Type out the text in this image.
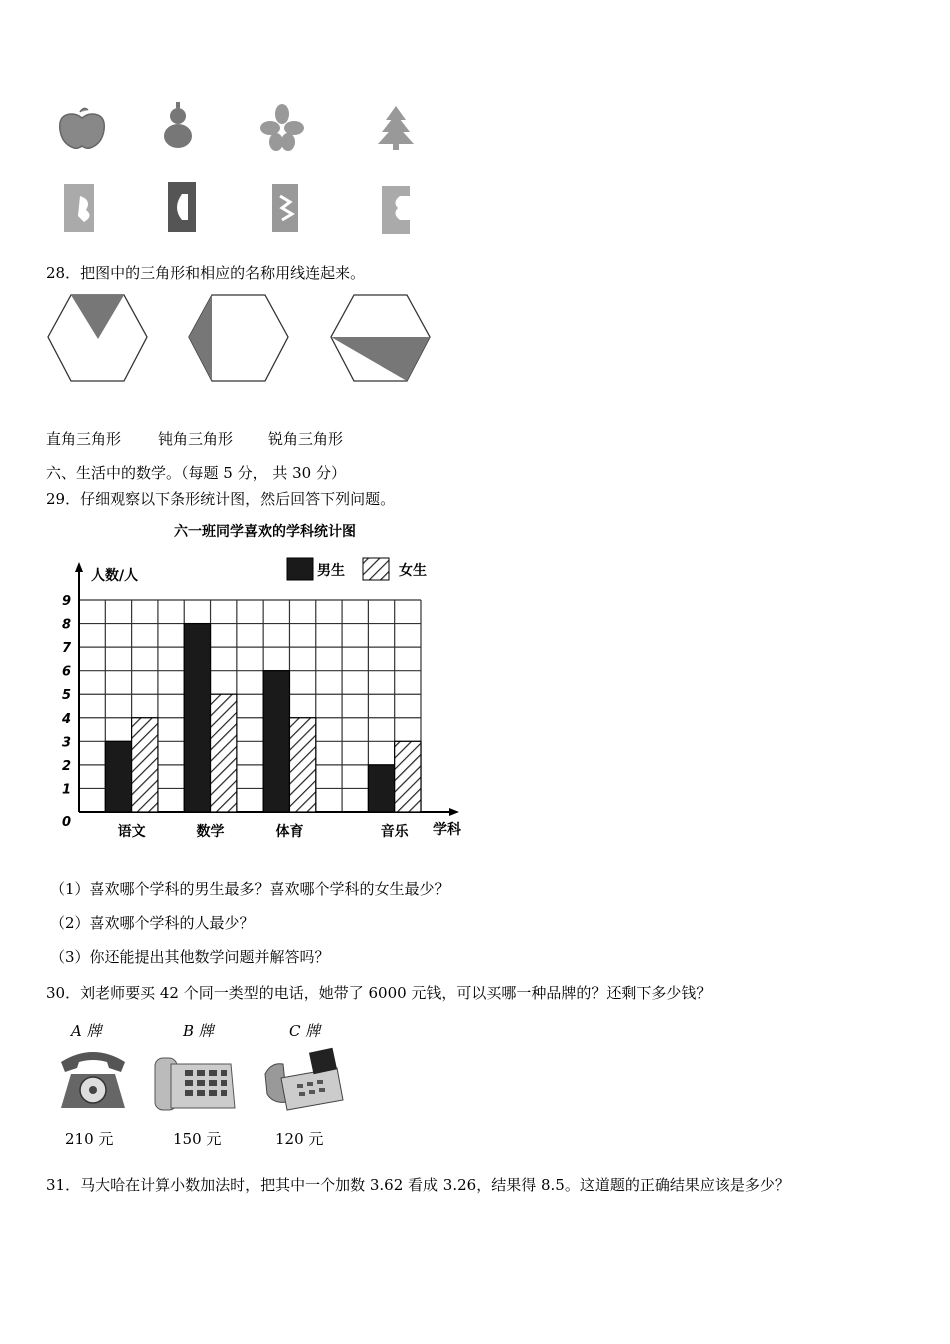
28．把图中的三角形和相应的名称用线连起来。
直角三角形 钝角三角形 锐角三角形
六、生活中的数学。（每题 5 分， 共 30 分）
29．仔细观察以下条形统计图，然后回答下列问题。
六一班同学喜欢的学科统计图
人数/人
学科
0
1
2
3
4
5
6
7
8
9
男生	女生
语文	数学	体育	音乐
（1）喜欢哪个学科的男生最多？喜欢哪个学科的女生最少？
（2）喜欢哪个学科的人最少？
（3）你还能提出其他数学问题并解答吗？
30．刘老师要买 42 个同一类型的电话，她带了 6000 元钱，可以买哪一种品牌的？还剩下多少钱？
A 牌
210 元
B 牌
150 元
C 牌
120 元
31．马大哈在计算小数加法时，把其中一个加数 3.62 看成 3.26，结果得 8.5。这道题的正确结果应该是多少？
